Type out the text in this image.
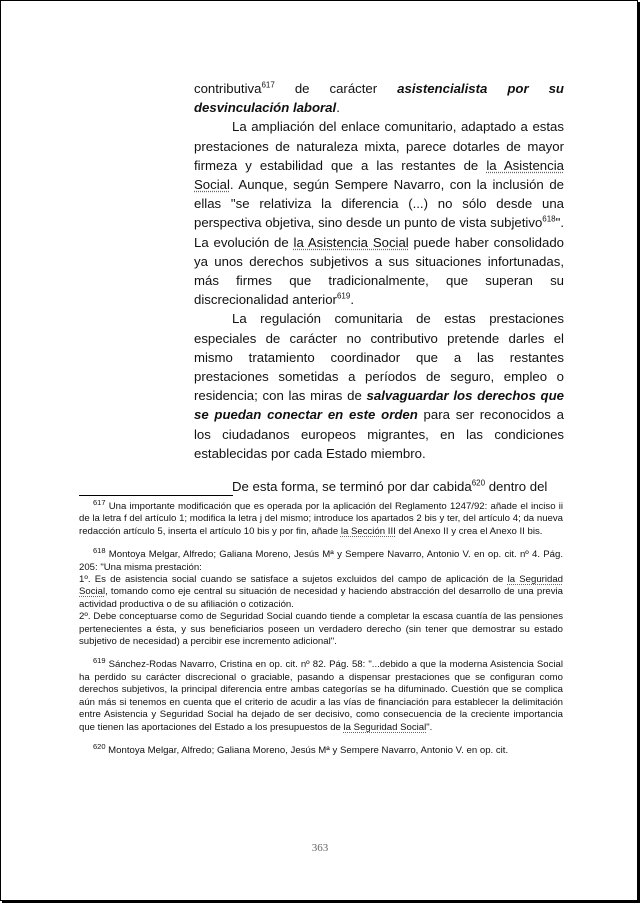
contributiva$^{617}$ de carácter asistencialista por su desvinculación laboral.

La ampliación del enlace comunitario, adaptado a estas prestaciones de naturaleza mixta, parece dotarles de mayor firmeza y estabilidad que a las restantes de la Asistencia Social. Aunque, según Sempere Navarro, con la inclusión de ellas "se relativiza la diferencia (...) no sólo desde una perspectiva objetiva, sino desde un punto de vista subjetivo$^{618}$". La evolución de la Asistencia Social puede haber consolidado ya unos derechos subjetivos a sus situaciones infortunadas, más firmes que tradicionalmente, que superan su discrecionalidad anterior$^{619}$.

La regulación comunitaria de estas prestaciones especiales de carácter no contributivo pretende darles el mismo tratamiento coordinador que a las restantes prestaciones sometidas a períodos de seguro, empleo o residencia; con las miras de salvaguardar los derechos que se puedan conectar en este orden para ser reconocidos a los ciudadanos europeos migrantes, en las condiciones establecidas por cada Estado miembro.

De esta forma, se terminó por dar cabida$^{620}$ dentro del

$^{617}$ Una importante modificación que es operada por la aplicación del Reglamento 1247/92: añade el inciso ii de la letra f del artículo 1; modifica la letra j del mismo; introduce los apartados 2 bis y ter, del artículo 4; da nueva redacción artículo 5, inserta el artículo 10 bis y por fin, añade la Sección III del Anexo II y crea el Anexo II bis.

$^{618}$ Montoya Melgar, Alfredo; Galiana Moreno, Jesús Mª y Sempere Navarro, Antonio V. en op. cit. nº 4. Pág. 205: "Una misma prestación:

1º. Es de asistencia social cuando se satisface a sujetos excluidos del campo de aplicación de la Seguridad Social, tomando como eje central su situación de necesidad y haciendo abstracción del desarrollo de una previa actividad productiva o de su afiliación o cotización.

2º. Debe conceptuarse como de Seguridad Social cuando tiende a completar la escasa cuantía de las pensiones pertenecientes a ésta, y sus beneficiarios poseen un verdadero derecho (sin tener que demostrar su estado subjetivo de necesidad) a percibir ese incremento adicional".

$^{619}$ Sánchez-Rodas Navarro, Cristina en op. cit. nº 82. Pág. 58: "...debido a que la moderna Asistencia Social ha perdido su carácter discrecional o graciable, pasando a dispensar prestaciones que se configuran como derechos subjetivos, la principal diferencia entre ambas categorías se ha difuminado. Cuestión que se complica aún más si tenemos en cuenta que el criterio de acudir a las vías de financiación para establecer la delimitación entre Asistencia y Seguridad Social ha dejado de ser decisivo, como consecuencia de la creciente importancia que tienen las aportaciones del Estado a los presupuestos de la Seguridad Social".

$^{620}$ Montoya Melgar, Alfredo; Galiana Moreno, Jesús Mª y Sempere Navarro, Antonio V. en op. cit.

363
